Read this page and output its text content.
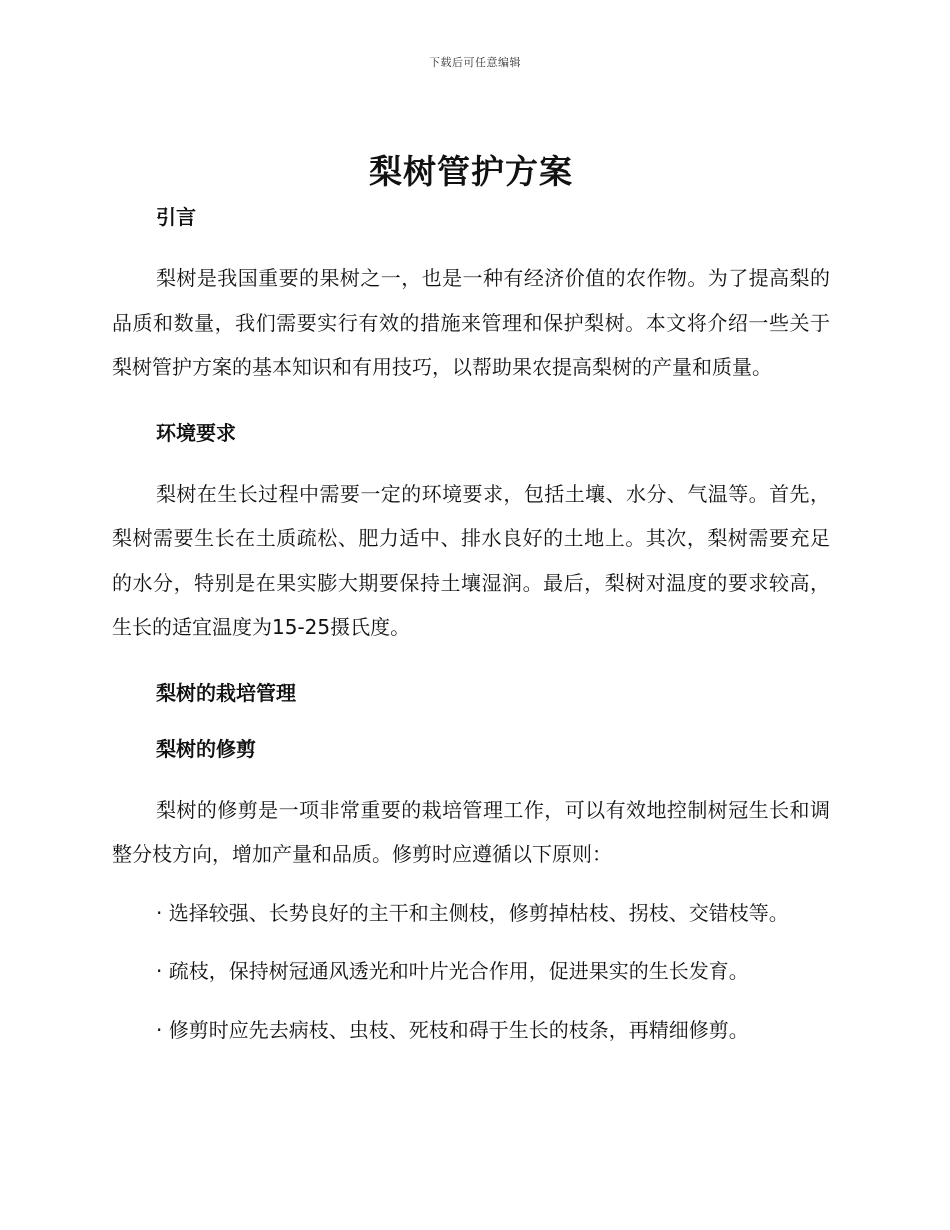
下载后可任意编辑
梨树管护方案
引言

梨树是我国重要的果树之一，也是一种有经济价值的农作物。为了提高梨的品质和数量，我们需要实行有效的措施来管理和保护梨树。本文将介绍一些关于梨树管护方案的基本知识和有用技巧，以帮助果农提高梨树的产量和质量。

环境要求

梨树在生长过程中需要一定的环境要求，包括土壤、水分、气温等。首先，梨树需要生长在土质疏松、肥力适中、排水良好的土地上。其次，梨树需要充足的水分，特别是在果实膨大期要保持土壤湿润。最后，梨树对温度的要求较高，生长的适宜温度为15-25摄氏度。

梨树的栽培管理
梨树的修剪

梨树的修剪是一项非常重要的栽培管理工作，可以有效地控制树冠生长和调整分枝方向，增加产量和品质。修剪时应遵循以下原则：

· 选择较强、长势良好的主干和主侧枝，修剪掉枯枝、拐枝、交错枝等。

· 疏枝，保持树冠通风透光和叶片光合作用，促进果实的生长发育。

· 修剪时应先去病枝、虫枝、死枝和碍于生长的枝条，再精细修剪。
